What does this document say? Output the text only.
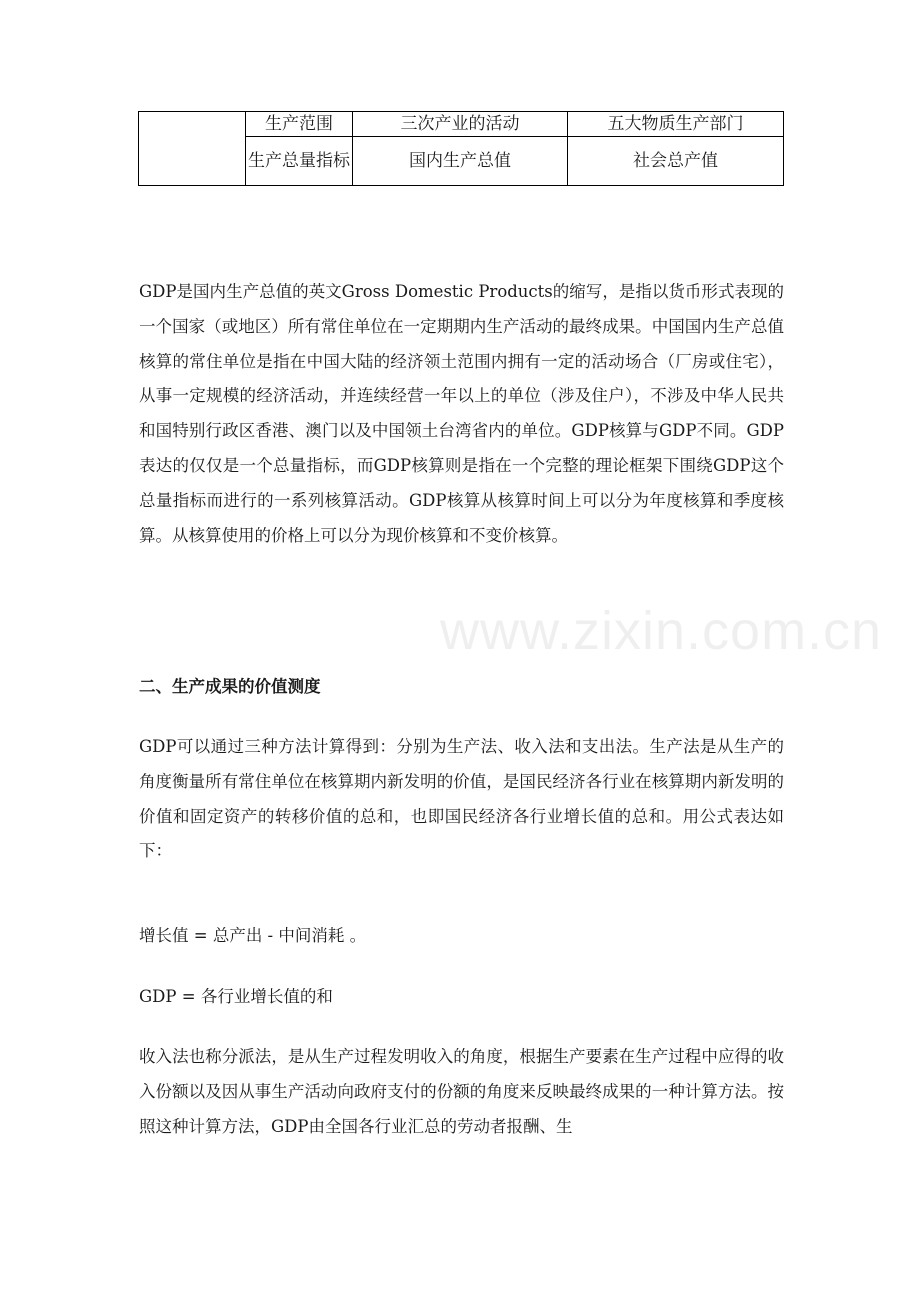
	生产范围	三次产业的活动	五大物质生产部门
	生产总量指标	国内生产总值	社会总产值
www.zixin.com.cn

GDP是国内生产总值的英文Gross Domestic Products的缩写，是指以货币形式表现的一个国家（或地区）所有常住单位在一定期期内生产活动的最终成果。中国国内生产总值核算的常住单位是指在中国大陆的经济领土范围内拥有一定的活动场合（厂房或住宅），从事一定规模的经济活动，并连续经营一年以上的单位（涉及住户），不涉及中华人民共和国特别行政区香港、澳门以及中国领土台湾省内的单位。GDP核算与GDP不同。GDP表达的仅仅是一个总量指标，而GDP核算则是指在一个完整的理论框架下围绕GDP这个总量指标而进行的一系列核算活动。GDP核算从核算时间上可以分为年度核算和季度核算。从核算使用的价格上可以分为现价核算和不变价核算。

二、生产成果的价值测度

GDP可以通过三种方法计算得到：分别为生产法、收入法和支出法。生产法是从生产的角度衡量所有常住单位在核算期内新发明的价值，是国民经济各行业在核算期内新发明的价值和固定资产的转移价值的总和，也即国民经济各行业增长值的总和。用公式表达如下：

增长值 = 总产出 - 中间消耗 。

GDP = 各行业增长值的和

收入法也称分派法，是从生产过程发明收入的角度，根据生产要素在生产过程中应得的收入份额以及因从事生产活动向政府支付的份额的角度来反映最终成果的一种计算方法。按照这种计算方法，GDP由全国各行业汇总的劳动者报酬、生
